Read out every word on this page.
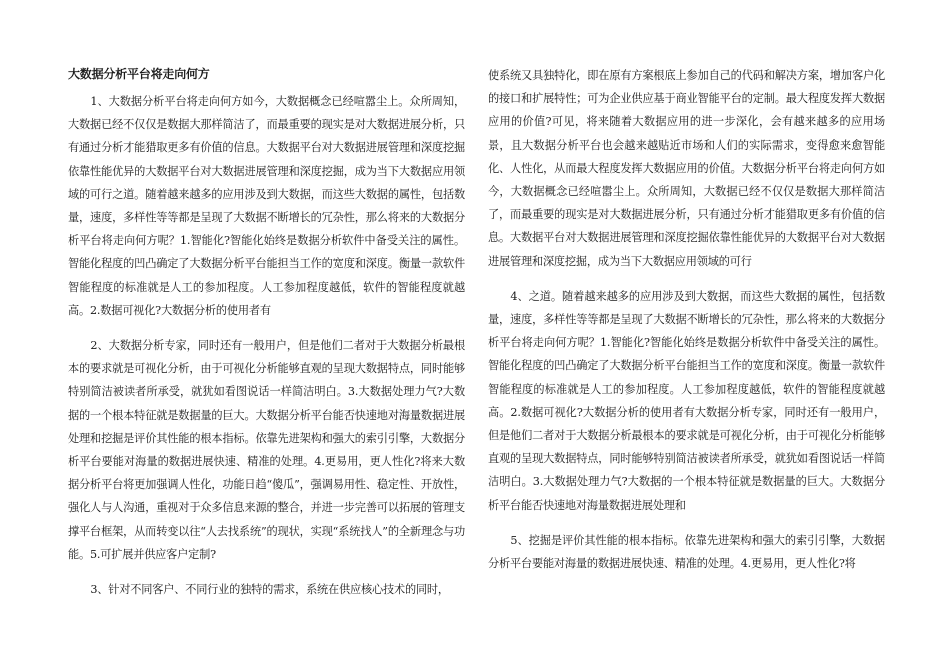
大数据分析平台将走向何方

1、大数据分析平台将走向何方如今，大数据概念已经喧嚣尘上。众所周知，大数据已经不仅仅是数据大那样简洁了，而最重要的现实是对大数据进展分析，只有通过分析才能猎取更多有价值的信息。大数据平台对大数据进展管理和深度挖掘依靠性能优异的大数据平台对大数据进展管理和深度挖掘，成为当下大数据应用领域的可行之道。随着越来越多的应用涉及到大数据，而这些大数据的属性，包括数量，速度，多样性等等都是呈现了大数据不断增长的冗杂性，那么将来的大数据分析平台将走向何方呢？1.智能化?智能化始终是数据分析软件中备受关注的属性。智能化程度的凹凸确定了大数据分析平台能担当工作的宽度和深度。衡量一款软件智能程度的标准就是人工的参加程度。人工参加程度越低，软件的智能程度就越高。2.数据可视化?大数据分析的使用者有

2、大数据分析专家，同时还有一般用户，但是他们二者对于大数据分析最根本的要求就是可视化分析，由于可视化分析能够直观的呈现大数据特点，同时能够特别简洁被读者所承受，就犹如看图说话一样简洁明白。3.大数据处理力气?大数据的一个根本特征就是数据量的巨大。大数据分析平台能否快速地对海量数据进展处理和挖掘是评价其性能的根本指标。依靠先进架构和强大的索引引擎，大数据分析平台要能对海量的数据进展快速、精准的处理。4.更易用，更人性化?将来大数据分析平台将更加强调人性化，功能日趋“傻瓜”，强调易用性、稳定性、开放性，强化人与人沟通，重视对于众多信息来源的整合，并进一步完善可以拓展的管理支撑平台框架，从而转变以往“人去找系统”的现状，实现“系统找人”的全新理念与功能。5.可扩展并供应客户定制?

3、针对不同客户、不同行业的独特的需求，系统在供应核心技术的同时，

使系统又具独特化，即在原有方案根底上参加自己的代码和解决方案，增加客户化的接口和扩展特性；可为企业供应基于商业智能平台的定制。最大程度发挥大数据应用的价值?可见，将来随着大数据应用的进一步深化，会有越来越多的应用场景，且大数据分析平台也会越来越贴近市场和人们的实际需求，变得愈来愈智能化、人性化，从而最大程度发挥大数据应用的价值。大数据分析平台将走向何方如今，大数据概念已经喧嚣尘上。众所周知，大数据已经不仅仅是数据大那样简洁了，而最重要的现实是对大数据进展分析，只有通过分析才能猎取更多有价值的信息。大数据平台对大数据进展管理和深度挖掘依靠性能优异的大数据平台对大数据进展管理和深度挖掘，成为当下大数据应用领域的可行

4、之道。随着越来越多的应用涉及到大数据，而这些大数据的属性，包括数量，速度，多样性等等都是呈现了大数据不断增长的冗杂性，那么将来的大数据分析平台将走向何方呢？1.智能化?智能化始终是数据分析软件中备受关注的属性。智能化程度的凹凸确定了大数据分析平台能担当工作的宽度和深度。衡量一款软件智能程度的标准就是人工的参加程度。人工参加程度越低，软件的智能程度就越高。2.数据可视化?大数据分析的使用者有大数据分析专家，同时还有一般用户，但是他们二者对于大数据分析最根本的要求就是可视化分析，由于可视化分析能够直观的呈现大数据特点，同时能够特别简洁被读者所承受，就犹如看图说话一样简洁明白。3.大数据处理力气?大数据的一个根本特征就是数据量的巨大。大数据分析平台能否快速地对海量数据进展处理和

5、挖掘是评价其性能的根本指标。依靠先进架构和强大的索引引擎，大数据分析平台要能对海量的数据进展快速、精准的处理。4.更易用，更人性化?将
